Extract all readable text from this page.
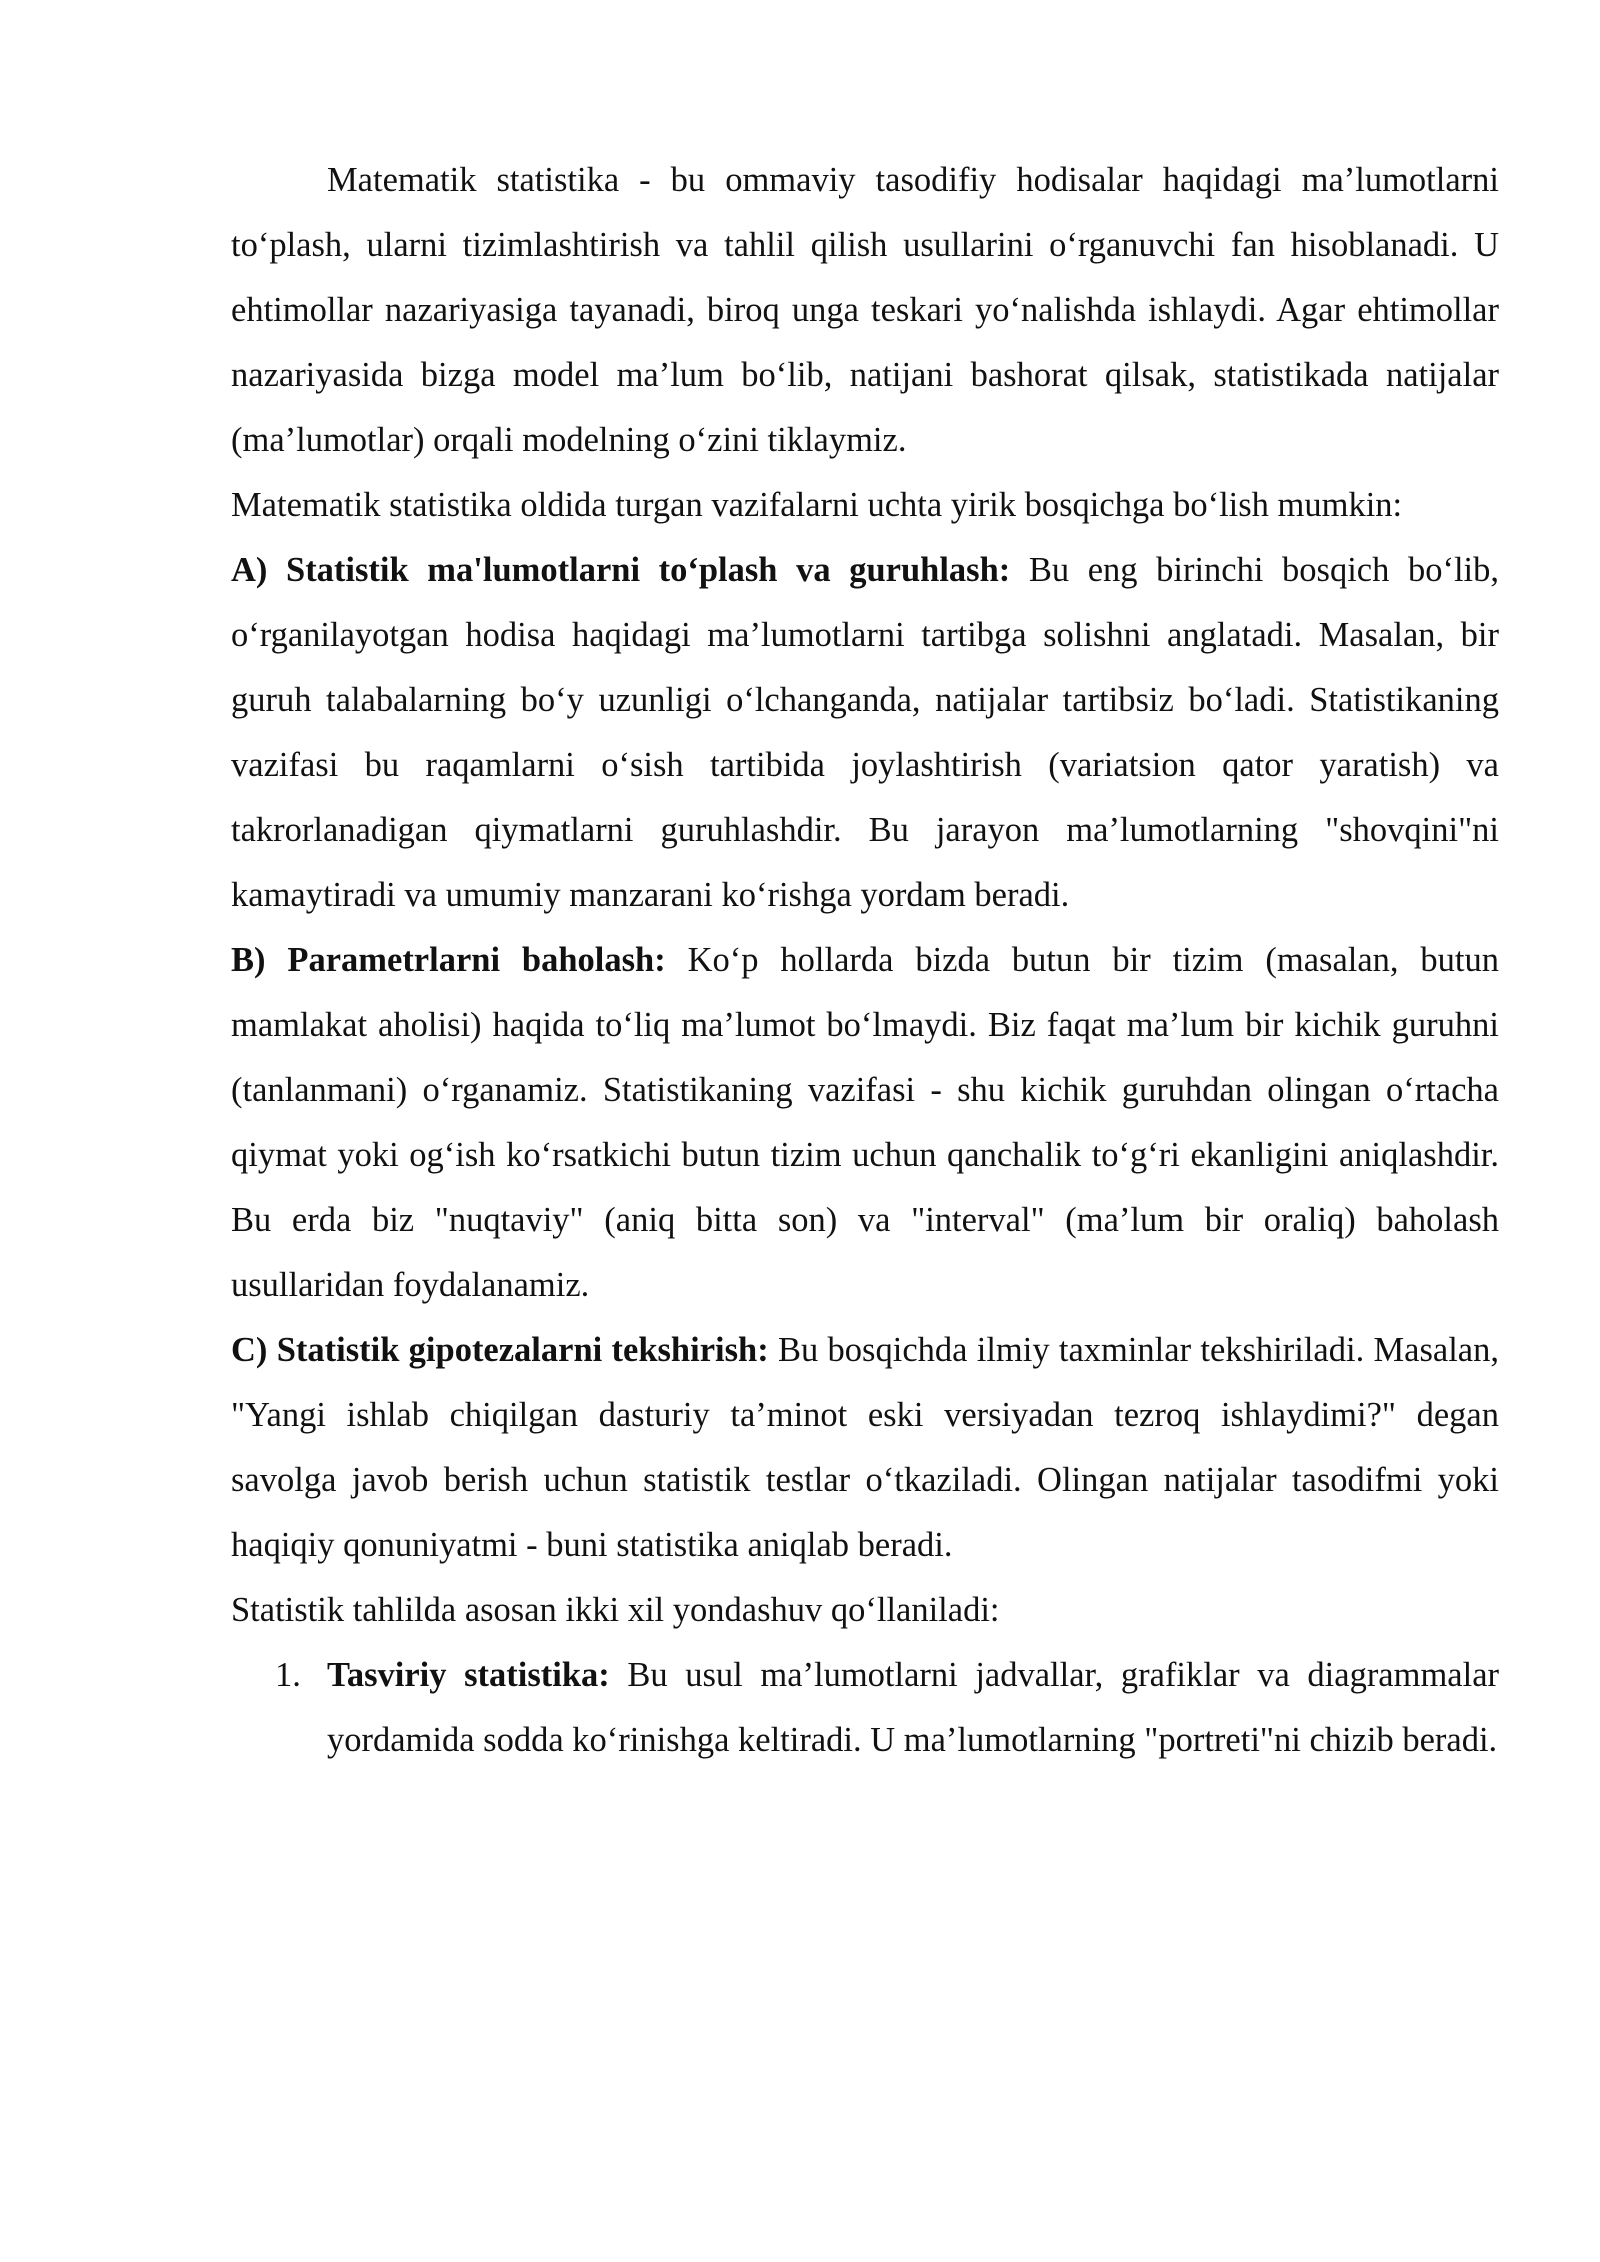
Matematik statistika - bu ommaviy tasodifiy hodisalar haqidagi ma’lumotlarni to‘plash, ularni tizimlashtirish va tahlil qilish usullarini o‘rganuvchi fan hisoblanadi. U ehtimollar nazariyasiga tayanadi, biroq unga teskari yo‘nalishda ishlaydi. Agar ehtimollar nazariyasida bizga model ma’lum bo‘lib, natijani bashorat qilsak, statistikada natijalar (ma’lumotlar) orqali modelning o‘zini tiklaymiz.

Matematik statistika oldida turgan vazifalarni uchta yirik bosqichga bo‘lish mumkin:

A) Statistik ma'lumotlarni to‘plash va guruhlash: Bu eng birinchi bosqich bo‘lib, o‘rganilayotgan hodisa haqidagi ma’lumotlarni tartibga solishni anglatadi. Masalan, bir guruh talabalarning bo‘y uzunligi o‘lchanganda, natijalar tartibsiz bo‘ladi. Statistikaning vazifasi bu raqamlarni o‘sish tartibida joylashtirish (variatsion qator yaratish) va takrorlanadigan qiymatlarni guruhlashdir. Bu jarayon ma’lumotlarning "shovqini"ni kamaytiradi va umumiy manzarani ko‘rishga yordam beradi.

B) Parametrlarni baholash: Ko‘p hollarda bizda butun bir tizim (masalan, butun mamlakat aholisi) haqida to‘liq ma’lumot bo‘lmaydi. Biz faqat ma’lum bir kichik guruhni (tanlanmani) o‘rganamiz. Statistikaning vazifasi - shu kichik guruhdan olingan o‘rtacha qiymat yoki og‘ish ko‘rsatkichi butun tizim uchun qanchalik to‘g‘ri ekanligini aniqlashdir. Bu erda biz "nuqtaviy" (aniq bitta son) va "interval" (ma’lum bir oraliq) baholash usullaridan foydalanamiz.

C) Statistik gipotezalarni tekshirish: Bu bosqichda ilmiy taxminlar tekshiriladi. Masalan, "Yangi ishlab chiqilgan dasturiy ta’minot eski versiyadan tezroq ishlaydimi?" degan savolga javob berish uchun statistik testlar o‘tkaziladi. Olingan natijalar tasodifmi yoki haqiqiy qonuniyatmi - buni statistika aniqlab beradi.

Statistik tahlilda asosan ikki xil yondashuv qo‘llaniladi:

1. Tasviriy statistika: Bu usul ma’lumotlarni jadvallar, grafiklar va diagrammalar yordamida sodda ko‘rinishga keltiradi. U ma’lumotlarning "portreti"ni chizib beradi.
